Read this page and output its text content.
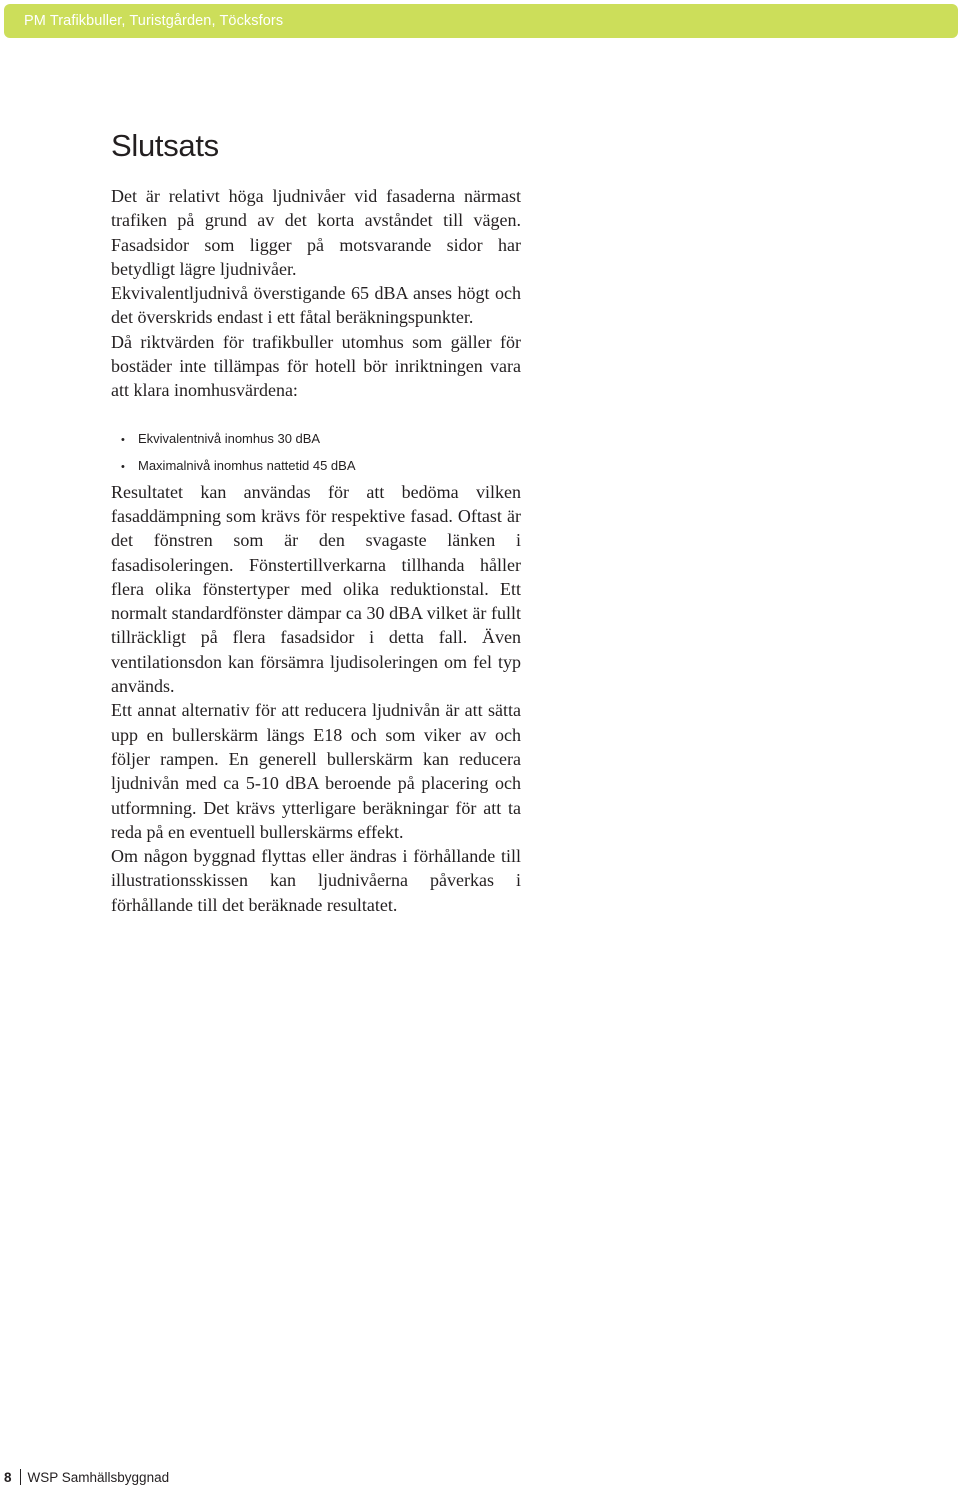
PM Trafikbuller, Turistgården, Töcksfors
Slutsats

Det är relativt höga ljudnivåer vid fasaderna närmast trafiken på grund av det korta avståndet till vägen. Fasadsidor som ligger på motsvarande sidor har betydligt lägre ljudnivåer.

Ekvivalentljudnivå överstigande 65 dBA anses högt och det överskrids endast i ett fåtal beräkningspunkter.

Då riktvärden för trafikbuller utomhus som gäller för bostäder inte tillämpas för hotell bör inriktningen vara att klara inomhusvärdena:

•	Ekvivalentnivå inomhus 30 dBA
•	Maximalnivå inomhus nattetid 45 dBA

Resultatet kan användas för att bedöma vilken fasaddämpning som krävs för respektive fasad. Oftast är det fönstren som är den svagaste länken i fasadisoleringen. Fönstertillverkarna tillhanda håller flera olika fönstertyper med olika reduktionstal. Ett normalt standardfönster dämpar ca 30 dBA vilket är fullt tillräckligt på flera fasadsidor i detta fall. Även ventilationsdon kan försämra ljudisoleringen om fel typ används.

Ett annat alternativ för att reducera ljudnivån är att sätta upp en bullerskärm längs E18 och som viker av och följer rampen. En generell bullerskärm kan reducera ljudnivån med ca 5-10 dBA beroende på placering och utformning. Det krävs ytterligare beräkningar för att ta reda på en eventuell bullerskärms effekt.

Om någon byggnad flyttas eller ändras i förhållande till illustrationsskissen kan ljudnivåerna påverkas i förhållande till det beräknade resultatet.

8 WSP Samhällsbyggnad
